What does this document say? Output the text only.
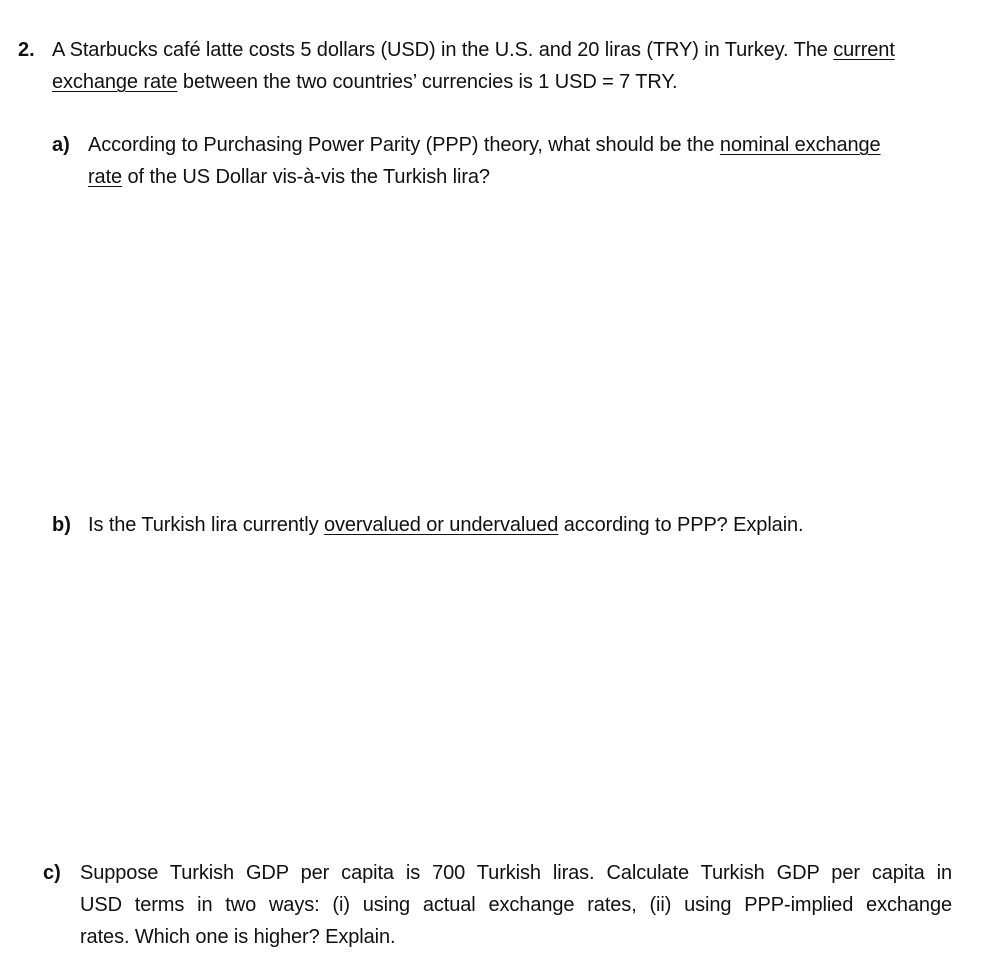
2. A Starbucks café latte costs 5 dollars (USD) in the U.S. and 20 liras (TRY) in Turkey. The current
exchange rate between the two countries’ currencies is 1 USD = 7 TRY.
a) According to Purchasing Power Parity (PPP) theory, what should be the nominal exchange
rate of the US Dollar vis-à-vis the Turkish lira?
b) Is the Turkish lira currently overvalued or undervalued according to PPP? Explain.
c) Suppose Turkish GDP per capita is 700 Turkish liras. Calculate Turkish GDP per capita in
USD terms in two ways: (i) using actual exchange rates, (ii) using PPP-implied exchange
rates. Which one is higher? Explain.
